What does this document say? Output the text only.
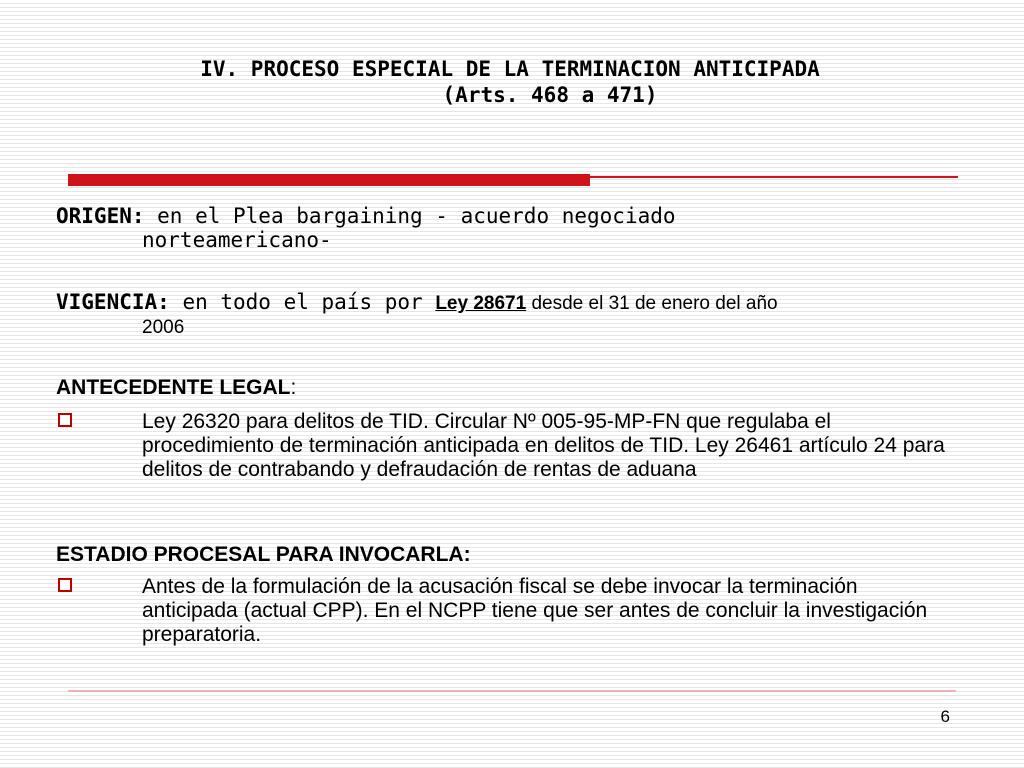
IV. PROCESO ESPECIAL DE LA TERMINACION ANTICIPADA
(Arts. 468 a 471)

ORIGEN: en el Plea bargaining - acuerdo negociado
norteamericano-

VIGENCIA: en todo el país por Ley 28671 desde el 31 de enero del año
2006

ANTECEDENTE LEGAL:

Ley 26320 para delitos de TID. Circular Nº 005-95-MP-FN que regulaba el procedimiento de terminación anticipada en delitos de TID. Ley 26461 artículo 24 para delitos de contrabando y defraudación de rentas de aduana

ESTADIO PROCESAL PARA INVOCARLA:

Antes de la formulación de la acusación fiscal se debe invocar la terminación anticipada (actual CPP). En el NCPP tiene que ser antes de concluir la investigación preparatoria.

6
